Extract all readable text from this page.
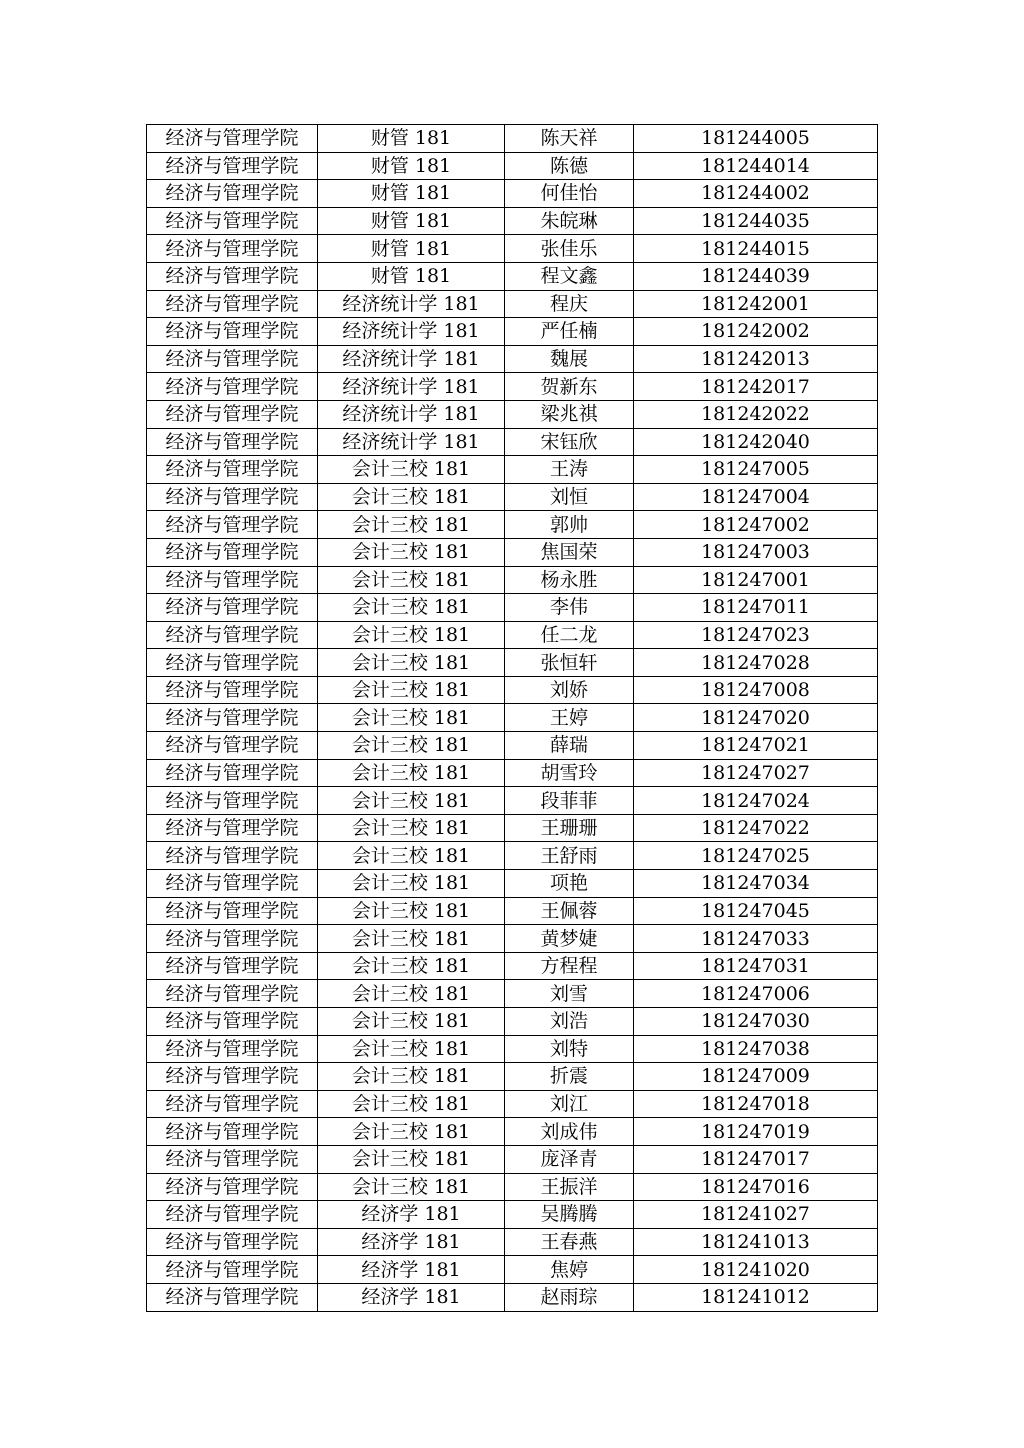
经济与管理学院	财管 181	陈天祥	181244005
经济与管理学院	财管 181	陈德	181244014
经济与管理学院	财管 181	何佳怡	181244002
经济与管理学院	财管 181	朱皖琳	181244035
经济与管理学院	财管 181	张佳乐	181244015
经济与管理学院	财管 181	程文鑫	181244039
经济与管理学院	经济统计学 181	程庆	181242001
经济与管理学院	经济统计学 181	严任楠	181242002
经济与管理学院	经济统计学 181	魏展	181242013
经济与管理学院	经济统计学 181	贺新东	181242017
经济与管理学院	经济统计学 181	梁兆祺	181242022
经济与管理学院	经济统计学 181	宋钰欣	181242040
经济与管理学院	会计三校 181	王涛	181247005
经济与管理学院	会计三校 181	刘恒	181247004
经济与管理学院	会计三校 181	郭帅	181247002
经济与管理学院	会计三校 181	焦国荣	181247003
经济与管理学院	会计三校 181	杨永胜	181247001
经济与管理学院	会计三校 181	李伟	181247011
经济与管理学院	会计三校 181	任二龙	181247023
经济与管理学院	会计三校 181	张恒轩	181247028
经济与管理学院	会计三校 181	刘娇	181247008
经济与管理学院	会计三校 181	王婷	181247020
经济与管理学院	会计三校 181	薛瑞	181247021
经济与管理学院	会计三校 181	胡雪玲	181247027
经济与管理学院	会计三校 181	段菲菲	181247024
经济与管理学院	会计三校 181	王珊珊	181247022
经济与管理学院	会计三校 181	王舒雨	181247025
经济与管理学院	会计三校 181	项艳	181247034
经济与管理学院	会计三校 181	王佩蓉	181247045
经济与管理学院	会计三校 181	黄梦婕	181247033
经济与管理学院	会计三校 181	方程程	181247031
经济与管理学院	会计三校 181	刘雪	181247006
经济与管理学院	会计三校 181	刘浩	181247030
经济与管理学院	会计三校 181	刘特	181247038
经济与管理学院	会计三校 181	折震	181247009
经济与管理学院	会计三校 181	刘江	181247018
经济与管理学院	会计三校 181	刘成伟	181247019
经济与管理学院	会计三校 181	庞泽青	181247017
经济与管理学院	会计三校 181	王振洋	181247016
经济与管理学院	经济学 181	吴腾腾	181241027
经济与管理学院	经济学 181	王春燕	181241013
经济与管理学院	经济学 181	焦婷	181241020
经济与管理学院	经济学 181	赵雨琮	181241012
